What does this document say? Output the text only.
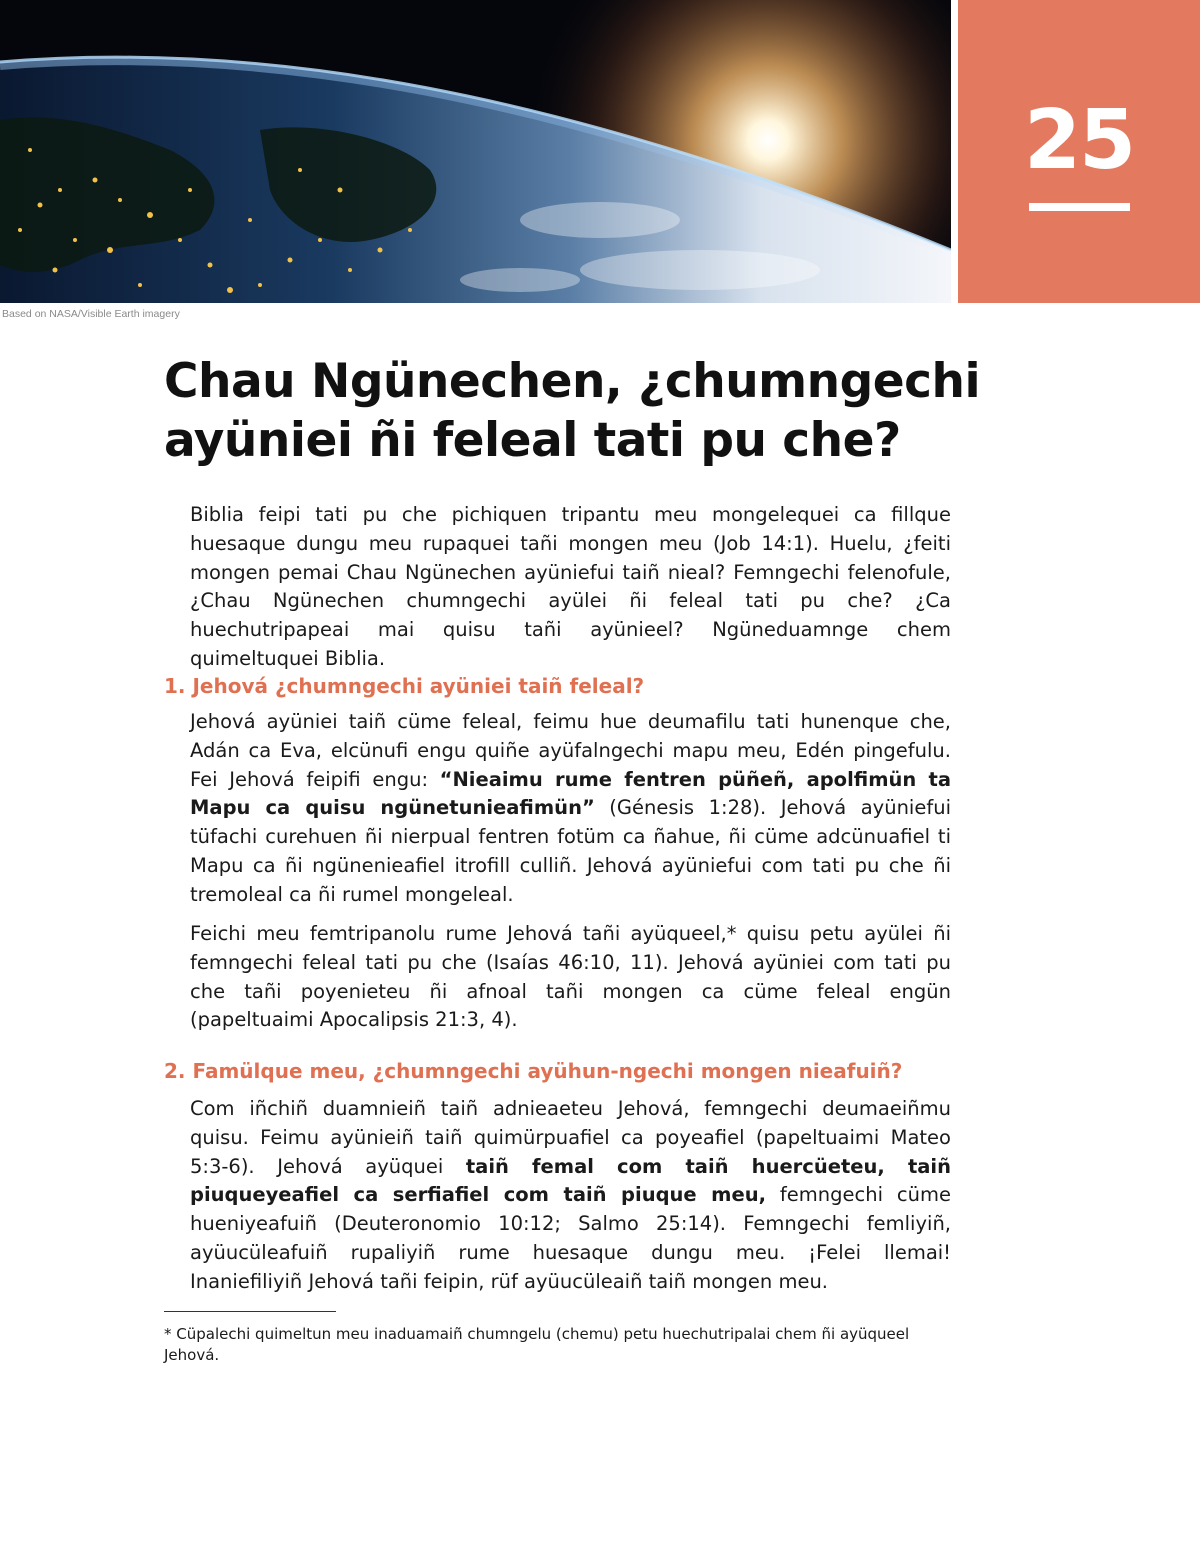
25
Based on NASA/Visible Earth imagery
Chau Ngünechen, ¿chumngechi
ayüniei ñi feleal tati pu che?

Biblia feipi tati pu che pichiquen tripantu meu mongelequei ca fillque huesaque dungu meu rupaquei tañi mongen meu (Job 14:1). Huelu, ¿feiti mongen pemai Chau Ngünechen ayüniefui taiñ nieal? Femngechi felenofule, ¿Chau Ngünechen chumngechi ayülei ñi feleal tati pu che? ¿Ca huechutripapeai mai quisu tañi ayünieel? Ngüneduamnge chem quimeltuquei Biblia.

1. Jehová ¿chumngechi ayüniei taiñ feleal?

Jehová ayüniei taiñ cüme feleal, feimu hue deumafilu tati hunenque che, Adán ca Eva, elcünufi engu quiñe ayüfalngechi mapu meu, Edén pingefulu. Fei Jehová feipifi engu: “Nieaimu rume fentren püñeñ, apolfimün ta Mapu ca quisu ngünetunieafimün” (Génesis 1:28). Jehová ayüniefui tüfachi curehuen ñi nierpual fentren fotüm ca ñahue, ñi cüme adcünuafiel ti Mapu ca ñi ngünenieafiel itrofill culliñ. Jehová ayüniefui com tati pu che ñi tremoleal ca ñi rumel mongeleal.

Feichi meu femtripanolu rume Jehová tañi ayüqueel,* quisu petu ayülei ñi femngechi feleal tati pu che (Isaías 46:10, 11). Jehová ayüniei com tati pu che tañi poyenieteu ñi afnoal tañi mongen ca cüme feleal engün (papeltuaimi Apocalipsis 21:3, 4).

2. Famülque meu, ¿chumngechi ayühun-ngechi mongen nieafuiñ?

Com iñchiñ duamnieiñ taiñ adnieaeteu Jehová, femngechi deumaeiñmu quisu. Feimu ayünieiñ taiñ quimürpuafiel ca poyeafiel (papeltuaimi Mateo 5:3-6). Jehová ayüquei taiñ femal com taiñ huercüeteu, taiñ piuqueyeafiel ca serfiafiel com taiñ piuque meu, femngechi cüme hueniyeafuiñ (Deuteronomio 10:12; Salmo 25:14). Femngechi femliyiñ, ayüucüleafuiñ rupaliyiñ rume huesaque dungu meu. ¡Felei llemai! Inaniefiliyiñ Jehová tañi feipin, rüf ayüucüleaiñ taiñ mongen meu.

* Cüpalechi quimeltun meu inaduamaiñ chumngelu (chemu) petu huechutripalai chem ñi ayüqueel Jehová.
